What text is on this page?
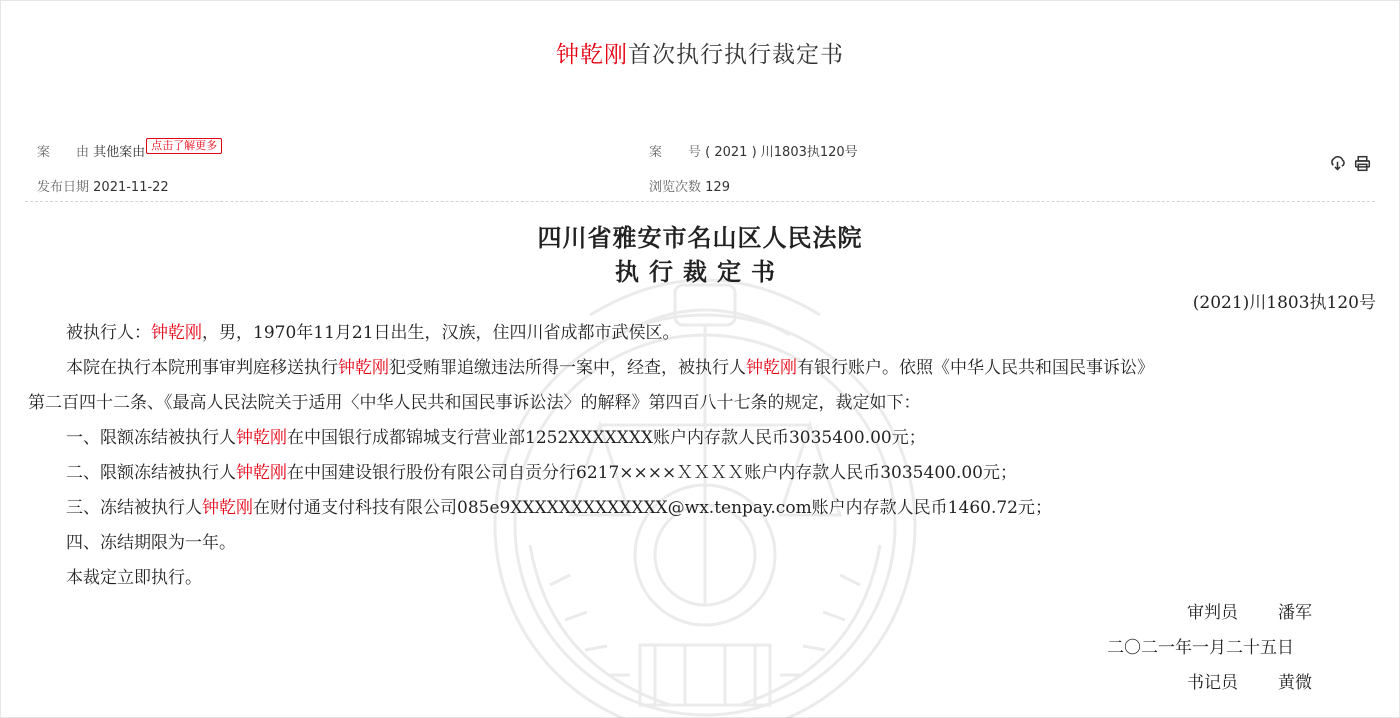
钟乾刚首次执行执行裁定书
案　　由 其他案由 点击了解更多	案　　号 ( 2021 ) 川1803执120号
发布日期 2021-11-22	浏览次数 129
四川省雅安市名山区人民法院
执行裁定书
(2021)川1803执120号
被执行人：钟乾刚，男，1970年11月21日出生，汉族，住四川省成都市武侯区。
本院在执行本院刑事审判庭移送执行钟乾刚犯受贿罪追缴违法所得一案中，经查，被执行人钟乾刚有银行账户。依照《中华人民共和国民事诉讼》
第二百四十二条、《最高人民法院关于适用〈中华人民共和国民事诉讼法〉的解释》第四百八十七条的规定，裁定如下：
一、限额冻结被执行人钟乾刚在中国银行成都锦城支行营业部1252XXXXXXX账户内存款人民币3035400.00元；
二、限额冻结被执行人钟乾刚在中国建设银行股份有限公司自贡分行6217××××ＸＸＸＸ账户内存款人民币3035400.00元；
三、冻结被执行人钟乾刚在财付通支付科技有限公司085e9XXXXXXXXXXXXX@wx.tenpay.com账户内存款人民币1460.72元；
四、冻结期限为一年。
本裁定立即执行。
审判员 潘军
二〇二一年一月二十五日
书记员 黄微
